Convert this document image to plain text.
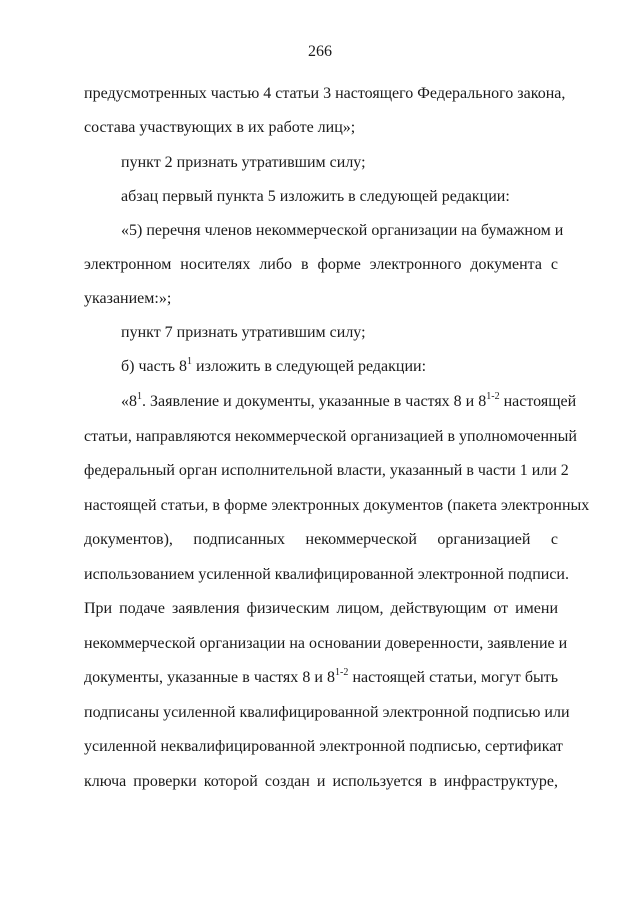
266
предусмотренных частью 4 статьи 3 настоящего Федерального закона,
состава участвующих в их работе лиц»;
пункт 2 признать утратившим силу;
абзац первый пункта 5 изложить в следующей редакции:
«5) перечня членов некоммерческой организации на бумажном и
электронном носителях либо в форме электронного документа с
указанием:»;
пункт 7 признать утратившим силу;
б) часть $8^1$ изложить в следующей редакции:
«$8^1$. Заявление и документы, указанные в частях 8 и 8$^{1-2}$ настоящей
статьи, направляются некоммерческой организацией в уполномоченный
федеральный орган исполнительной власти, указанный в части 1 или 2
настоящей статьи, в форме электронных документов (пакета электронных
документов), подписанных некоммерческой организацией с
использованием усиленной квалифицированной электронной подписи.
При подаче заявления физическим лицом, действующим от имени
некоммерческой организации на основании доверенности, заявление и
документы, указанные в частях 8 и 8$^{1-2}$ настоящей статьи, могут быть
подписаны усиленной квалифицированной электронной подписью или
усиленной неквалифицированной электронной подписью, сертификат
ключа проверки которой создан и используется в инфраструктуре,
